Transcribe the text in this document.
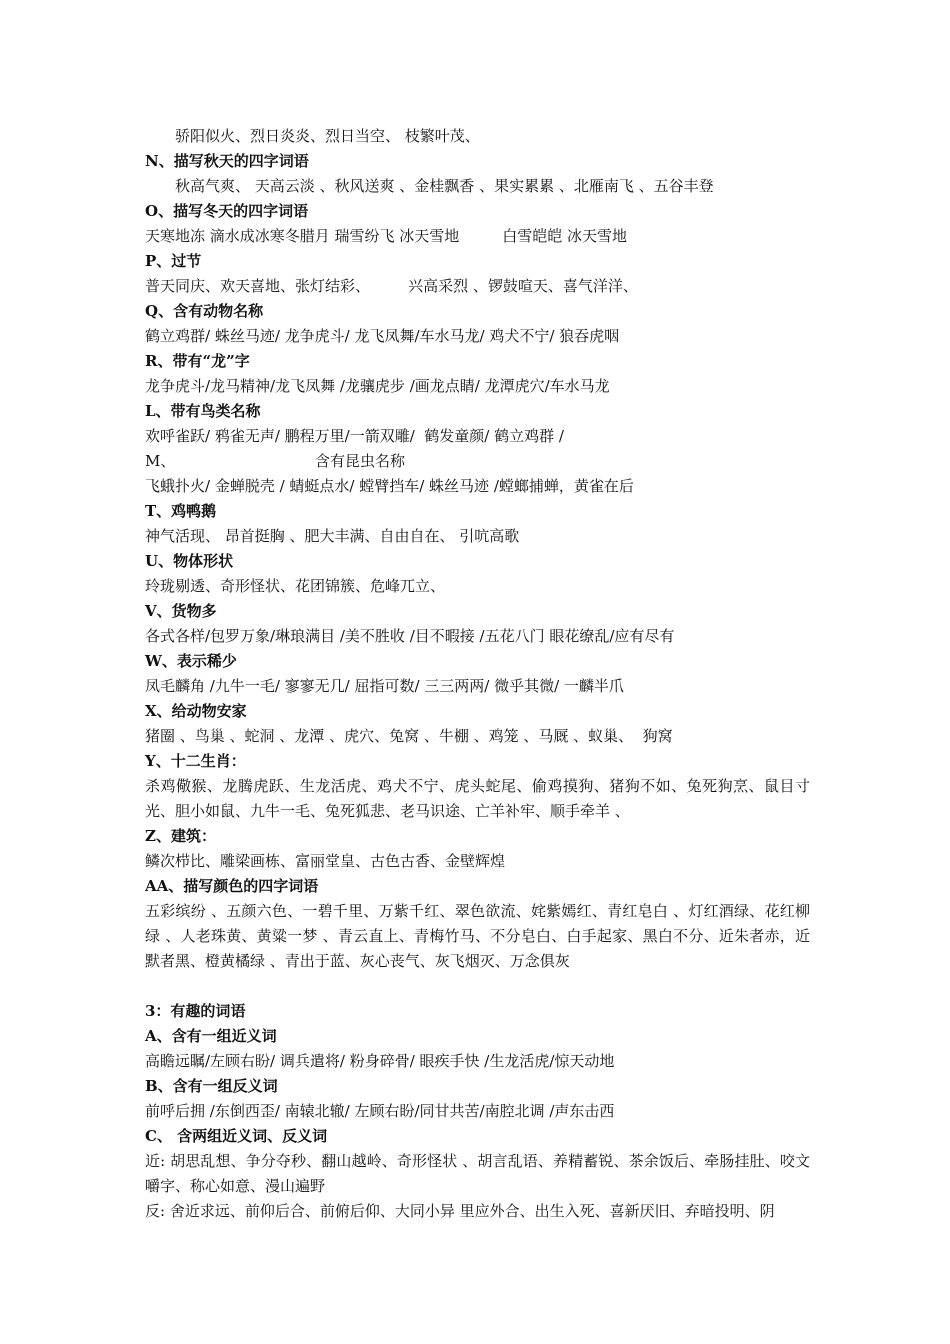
骄阳似火、烈日炎炎、烈日当空、 枝繁叶茂、
N、描写秋天的四字词语
秋高气爽、 天高云淡 、秋风送爽 、金桂飘香 、果实累累 、北雁南飞 、五谷丰登
O、描写冬天的四字词语
天寒地冻 滴水成冰寒冬腊月 瑞雪纷飞 冰天雪地         白雪皑皑 冰天雪地
P、过节
普天同庆、欢天喜地、张灯结彩、        兴高采烈 、锣鼓喧天、喜气洋洋、
Q、含有动物名称
鹤立鸡群/ 蛛丝马迹/ 龙争虎斗/ 龙飞凤舞/车水马龙/ 鸡犬不宁/ 狼吞虎咽
R、带有“龙”字
龙争虎斗/龙马精神/龙飞凤舞 /龙骧虎步 /画龙点睛/ 龙潭虎穴/车水马龙
L、带有鸟类名称
欢呼雀跃/ 鸦雀无声/ 鹏程万里/一箭双雕/  鹤发童颜/ 鹤立鸡群 /
M、	含有昆虫名称
飞蛾扑火/ 金蝉脱壳 / 蜻蜓点水/ 螳臂挡车/ 蛛丝马迹 /螳螂捕蝉，黄雀在后
T、鸡鸭鹅
神气活现、 昂首挺胸 、肥大丰满、自由自在、 引吭高歌
U、物体形状
玲珑剔透、奇形怪状、花团锦簇、危峰兀立、
V、货物多
各式各样/包罗万象/琳琅满目 /美不胜收 /目不暇接 /五花八门 眼花缭乱/应有尽有
W、表示稀少
凤毛麟角 /九牛一毛/ 寥寥无几/ 屈指可数/ 三三两两/ 微乎其微/ 一麟半爪
X、给动物安家
猪圈 、鸟巢 、蛇洞 、龙潭 、虎穴、兔窝 、牛棚 、鸡笼 、马厩 、蚁巢、  狗窝
Y、十二生肖：
杀鸡儆猴、龙腾虎跃、生龙活虎、鸡犬不宁、虎头蛇尾、偷鸡摸狗、猪狗不如、兔死狗烹、鼠目寸光、胆小如鼠、九牛一毛、兔死狐悲、老马识途、亡羊补牢、顺手牵羊 、
Z、建筑：
鳞次栉比、雕梁画栋、富丽堂皇、古色古香、金壁辉煌
AA、描写颜色的四字词语
五彩缤纷 、五颜六色、一碧千里、万紫千红、翠色欲流、姹紫嫣红、青红皂白 、灯红酒绿、花红柳绿 、人老珠黄、黄粱一梦 、青云直上、青梅竹马、不分皂白、白手起家、黑白不分、近朱者赤，近默者黑、橙黄橘绿 、青出于蓝、灰心丧气、灰飞烟灭、万念俱灰
3：有趣的词语
A、含有一组近义词
高瞻远瞩/左顾右盼/ 调兵遣将/ 粉身碎骨/ 眼疾手快 /生龙活虎/惊天动地
B、含有一组反义词
前呼后拥 /东倒西歪/ 南辕北辙/ 左顾右盼/同甘共苦/南腔北调 /声东击西
C、 含两组近义词、反义词
近: 胡思乱想、争分夺秒、翻山越岭、奇形怪状 、胡言乱语、养精蓄锐、茶余饭后、牵肠挂肚、咬文嚼字、称心如意、漫山遍野
反: 舍近求远、前仰后合、前俯后仰、大同小异 里应外合、出生入死、喜新厌旧、弃暗投明、阴
